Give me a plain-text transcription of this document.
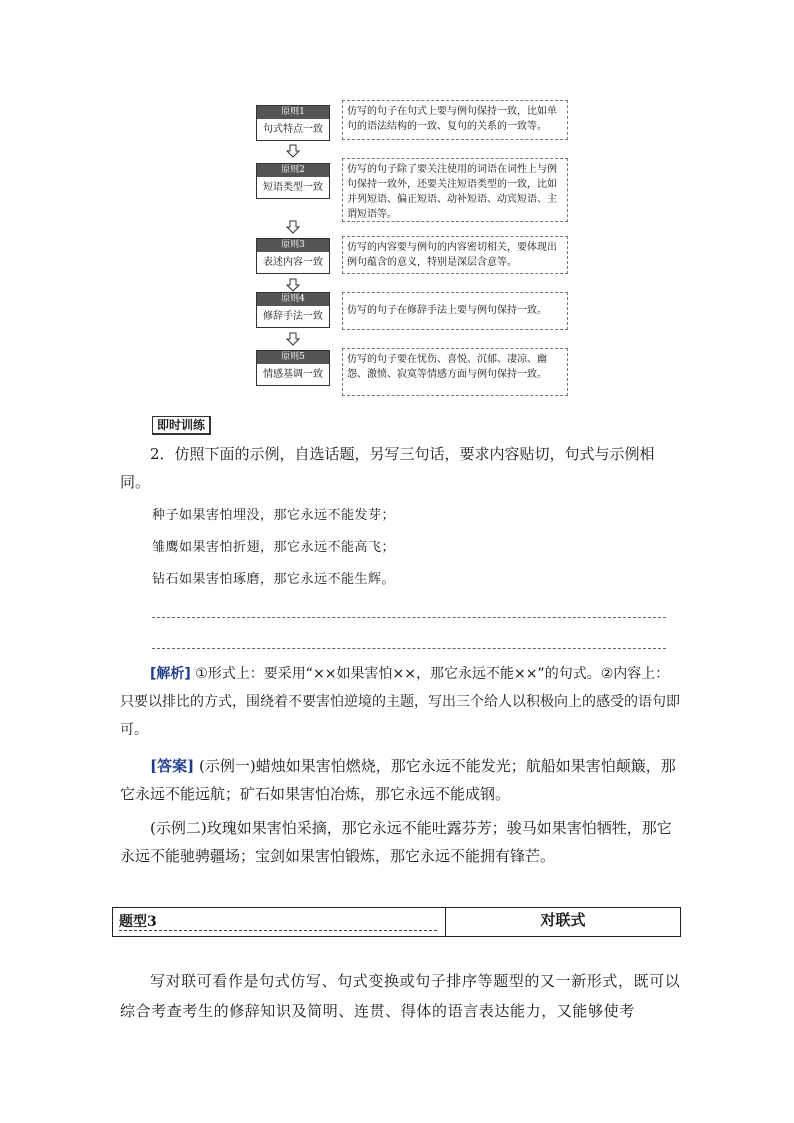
原则1
句式特点一致
仿写的句子在句式上要与例句保持一致，比如单句的语法结构的一致、复句的关系的一致等。
原则2
短语类型一致
仿写的句子除了要关注使用的词语在词性上与例句保持一致外，还要关注短语类型的一致，比如并列短语、偏正短语、动补短语、动宾短语、主谓短语等。
原则3
表述内容一致
仿写的内容要与例句的内容密切相关，要体现出例句蕴含的意义，特别是深层含意等。
原则4
修辞手法一致
仿写的句子在修辞手法上要与例句保持一致。
原则5
情感基调一致
仿写的句子要在忧伤、喜悦、沉郁、凄凉、幽怨、激愤、寂寞等情感方面与例句保持一致。
即时训练
2．仿照下面的示例，自选话题，另写三句话，要求内容贴切，句式与示例相同。
种子如果害怕埋没，那它永远不能发芽；
雏鹰如果害怕折翅，那它永远不能高飞；
钻石如果害怕琢磨，那它永远不能生辉。
[解析] ①形式上：要采用“××如果害怕××，那它永远不能××”的句式。②内容上：只要以排比的方式，围绕着不要害怕逆境的主题，写出三个给人以积极向上的感受的语句即可。
[答案] (示例一)蜡烛如果害怕燃烧，那它永远不能发光；航船如果害怕颠簸，那它永远不能远航；矿石如果害怕冶炼，那它永远不能成钢。
(示例二)玫瑰如果害怕采摘，那它永远不能吐露芬芳；骏马如果害怕牺牲，那它永远不能驰骋疆场；宝剑如果害怕锻炼，那它永远不能拥有锋芒。
题型3	对联式
写对联可看作是句式仿写、句式变换或句子排序等题型的又一新形式，既可以综合考查考生的修辞知识及简明、连贯、得体的语言表达能力，又能够使考
